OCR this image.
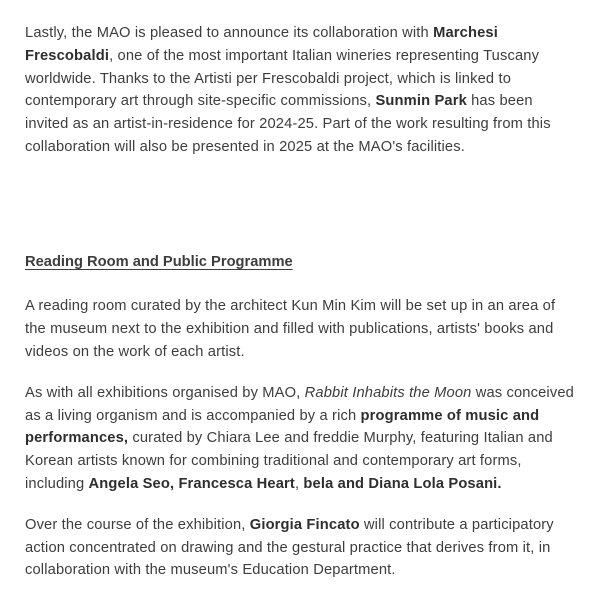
Lastly, the MAO is pleased to announce its collaboration with Marchesi Frescobaldi, one of the most important Italian wineries representing Tuscany worldwide. Thanks to the Artisti per Frescobaldi project, which is linked to contemporary art through site-specific commissions, Sunmin Park has been invited as an artist-in-residence for 2024-25. Part of the work resulting from this collaboration will also be presented in 2025 at the MAO's facilities.

Reading Room and Public Programme

A reading room curated by the architect Kun Min Kim will be set up in an area of the museum next to the exhibition and filled with publications, artists' books and videos on the work of each artist.

As with all exhibitions organised by MAO, Rabbit Inhabits the Moon was conceived as a living organism and is accompanied by a rich programme of music and performances, curated by Chiara Lee and freddie Murphy, featuring Italian and Korean artists known for combining traditional and contemporary art forms, including Angela Seo, Francesca Heart, bela and Diana Lola Posani.

Over the course of the exhibition, Giorgia Fincato will contribute a participatory action concentrated on drawing and the gestural practice that derives from it, in collaboration with the museum's Education Department.
